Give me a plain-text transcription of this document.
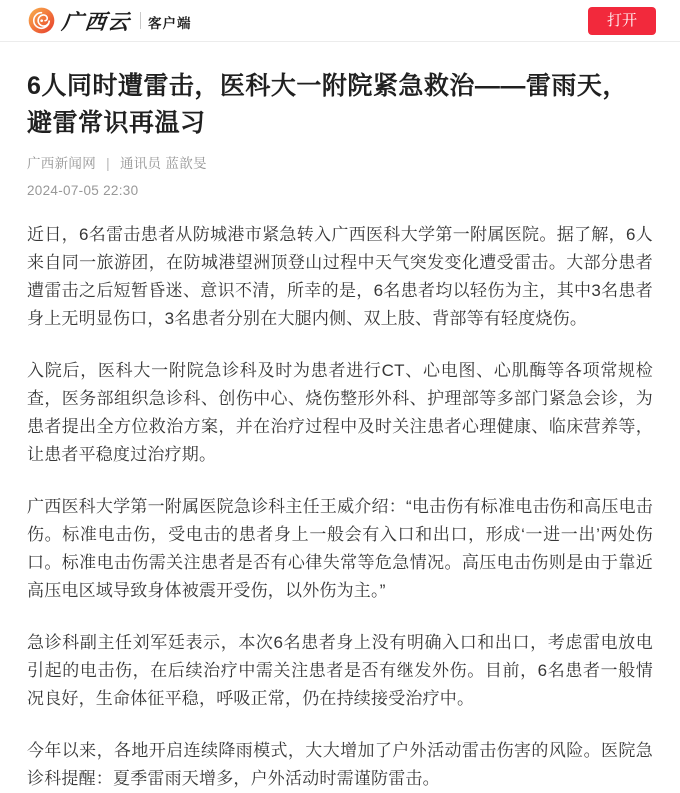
广西云 客户端	打开
6人同时遭雷击，医科大一附院紧急救治——雷雨天，避雷常识再温习
广西新闻网 | 通讯员 蓝歆旻
2024-07-05 22:30

近日，6名雷击患者从防城港市紧急转入广西医科大学第一附属医院。据了解，6人来自同一旅游团，在防城港望洲顶登山过程中天气突发变化遭受雷击。大部分患者遭雷击之后短暂昏迷、意识不清，所幸的是，6名患者均以轻伤为主，其中3名患者身上无明显伤口，3名患者分别在大腿内侧、双上肢、背部等有轻度烧伤。

入院后，医科大一附院急诊科及时为患者进行CT、心电图、心肌酶等各项常规检查，医务部组织急诊科、创伤中心、烧伤整形外科、护理部等多部门紧急会诊，为患者提出全方位救治方案，并在治疗过程中及时关注患者心理健康、临床营养等，让患者平稳度过治疗期。

广西医科大学第一附属医院急诊科主任王威介绍：“电击伤有标准电击伤和高压电击伤。标准电击伤，受电击的患者身上一般会有入口和出口，形成‘一进一出’两处伤口。标准电击伤需关注患者是否有心律失常等危急情况。高压电击伤则是由于靠近高压电区域导致身体被震开受伤，以外伤为主。”

急诊科副主任刘军廷表示，本次6名患者身上没有明确入口和出口，考虑雷电放电引起的电击伤，在后续治疗中需关注患者是否有继发外伤。目前，6名患者一般情况良好，生命体征平稳，呼吸正常，仍在持续接受治疗中。

今年以来，各地开启连续降雨模式，大大增加了户外活动雷击伤害的风险。医院急诊科提醒：夏季雷雨天增多，户外活动时需谨防雷击。
